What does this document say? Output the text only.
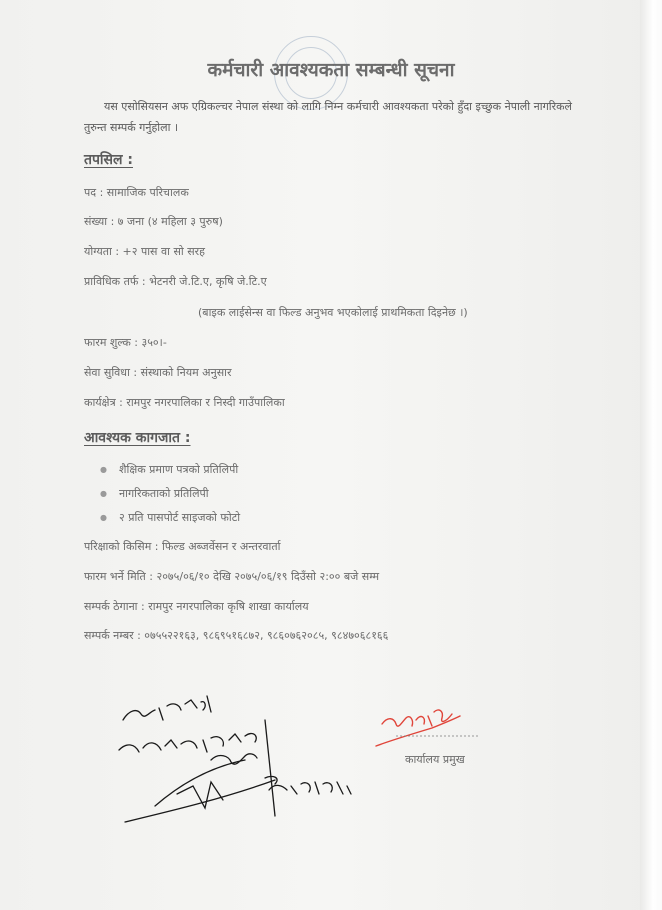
कर्मचारी आवश्यकता सम्बन्धी सूचना
यस एसोसियसन अफ एग्रिकल्चर नेपाल संस्था को लागि निम्न कर्मचारी आवश्यकता परेको हुँदा इच्छुक नेपाली नागरिकले तुरुन्त सम्पर्क गर्नुहोला ।
तपसिल :
पद : सामाजिक परिचालक
संख्या : ७ जना (४ महिला ३ पुरुष)
योग्यता : +२ पास वा सो सरह
प्राविधिक तर्फ : भेटनरी जे.टि.ए, कृषि जे.टि.ए
(बाइक लाईसेन्स वा फिल्ड अनुभव भएकोलाई प्राथमिकता दिइनेछ ।)
फारम शुल्क : ३५०।-
सेवा सुविधा : संस्थाको नियम अनुसार
कार्यक्षेत्र : रामपुर नगरपालिका र निस्दी गाउँपालिका
आवश्यक कागजात :
● शैक्षिक प्रमाण पत्रको प्रतिलिपी
● नागरिकताको प्रतिलिपी
● २ प्रति पासपोर्ट साइजको फोटो
परिक्षाको किसिम : फिल्ड अब्जर्वेसन र अन्तरवार्ता
फारम भर्ने मिति : २०७५/०६/१० देखि २०७५/०६/१९ दिउँसो २:०० बजे सम्म
सम्पर्क ठेगाना : रामपुर नगरपालिका कृषि शाखा कार्यालय
सम्पर्क नम्बर : ०७५५२२१६३, ९८६९५१६८७२, ९८६०७६२०८५, ९८४७०६८१६६
कार्यालय प्रमुख
